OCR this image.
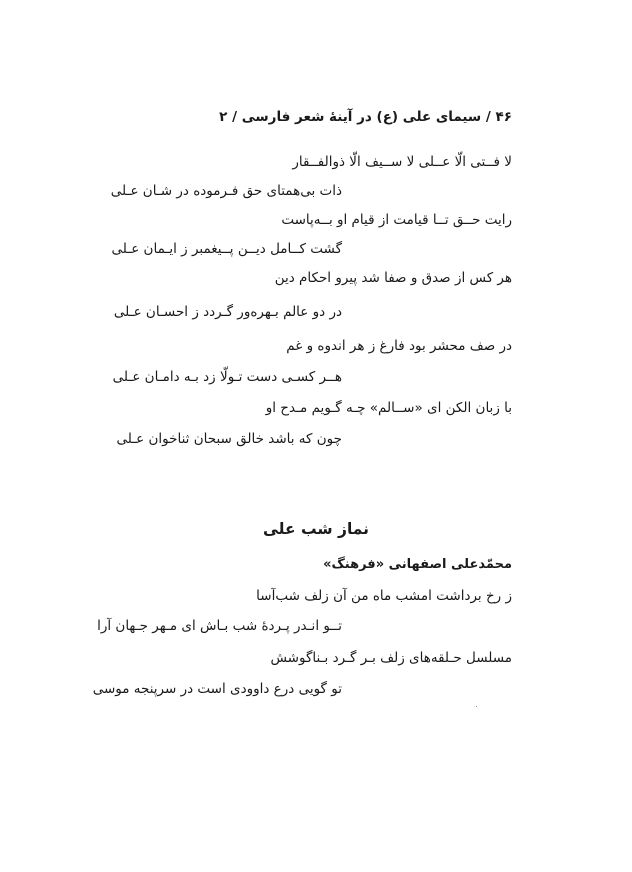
۴۶ / سیمای علی (ع) در آینهٔ شعر فارسی / ۲
لا فــتی الّا عــلی لا ســیف الّا ذوالفــقار
ذات بی‌همتای حق فـرموده در شـان عـلی
رایت حــق تــا قیامت از قیام او بــه‌پاست
گشت کــامل دیــن پــیغمبر ز ایـمان عـلی
هر کس از صدق و صفا شد پیرو احکام دین
در دو عالم بـهره‌ور گـردد ز احسـان عـلی
در صف محشر بود فارغ ز هر اندوه و غم
هــر کسـی دست تـولّا زد بـه دامـان عـلی
با زبان الکن ای «ســالم» چـه گـویم مـدح او
چون که باشد خالق سبحان ثناخوان عـلی
نماز شب علی
محمّدعلی اصفهانی «فرهنگ»
ز رخ برداشت امشب ماه من آن زلف شب‌آسا
تــو انـدر پـردهٔ شب بـاش ای مـهر جـهان آرا
مسلسل حـلقه‌های زلف بـر گـرد بـناگوشش
تو گویی درع داوودی است در سرپنجه موسی
